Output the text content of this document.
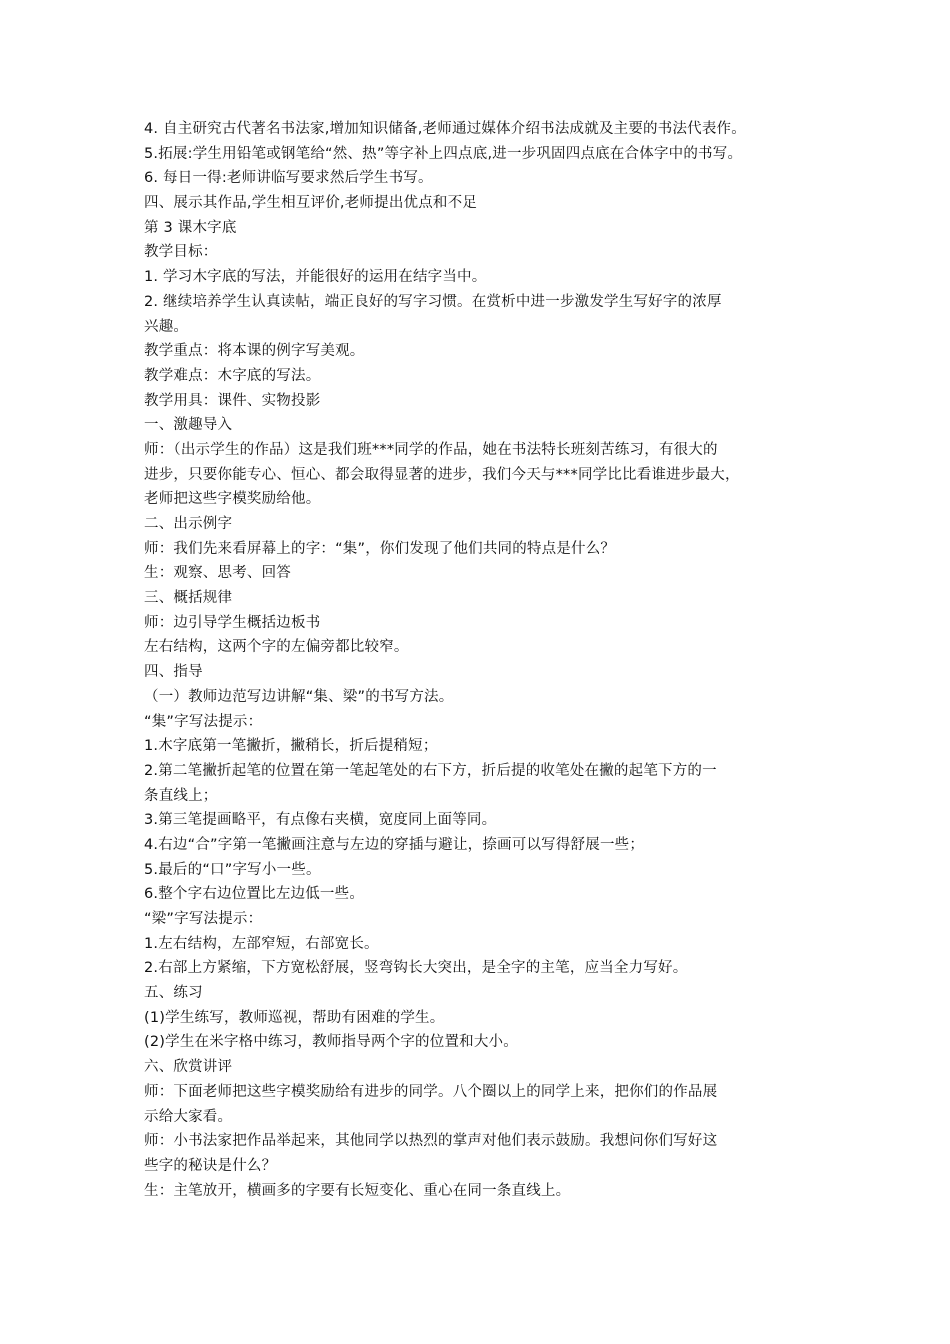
4. 自主研究古代著名书法家,增加知识储备,老师通过媒体介绍书法成就及主要的书法代表作。
5.拓展:学生用铅笔或钢笔给“然、热”等字补上四点底,进一步巩固四点底在合体字中的书写。
6. 每日一得:老师讲临写要求然后学生书写。
四、展示其作品,学生相互评价,老师提出优点和不足
第 3 课木字底
教学目标：
1. 学习木字底的写法，并能很好的运用在结字当中。
2. 继续培养学生认真读帖，端正良好的写字习惯。在赏析中进一步激发学生写好字的浓厚
兴趣。
教学重点：将本课的例字写美观。
教学难点：木字底的写法。
教学用具：课件、实物投影
一、激趣导入
师：（出示学生的作品）这是我们班***同学的作品，她在书法特长班刻苦练习，有很大的
进步，只要你能专心、恒心、都会取得显著的进步，我们今天与***同学比比看谁进步最大，
老师把这些字模奖励给他。
二、出示例字
师：我们先来看屏幕上的字：“集”，你们发现了他们共同的特点是什么？
生：观察、思考、回答
三、概括规律
师：边引导学生概括边板书
左右结构，这两个字的左偏旁都比较窄。
四、指导
（一）教师边范写边讲解“集、梁”的书写方法。
“集”字写法提示：
1.木字底第一笔撇折，撇稍长，折后提稍短；
2.第二笔撇折起笔的位置在第一笔起笔处的右下方，折后提的收笔处在撇的起笔下方的一
条直线上；
3.第三笔提画略平，有点像右夹横，宽度同上面等同。
4.右边“合”字第一笔撇画注意与左边的穿插与避让，捺画可以写得舒展一些；
5.最后的“口”字写小一些。
6.整个字右边位置比左边低一些。
“梁”字写法提示：
1.左右结构，左部窄短，右部宽长。
2.右部上方紧缩，下方宽松舒展，竖弯钩长大突出，是全字的主笔，应当全力写好。
五、练习
(1)学生练写，教师巡视，帮助有困难的学生。
(2)学生在米字格中练习，教师指导两个字的位置和大小。
六、欣赏讲评
师：下面老师把这些字模奖励给有进步的同学。八个圈以上的同学上来，把你们的作品展
示给大家看。
师：小书法家把作品举起来，其他同学以热烈的掌声对他们表示鼓励。我想问你们写好这
些字的秘诀是什么？
生：主笔放开，横画多的字要有长短变化、重心在同一条直线上。
